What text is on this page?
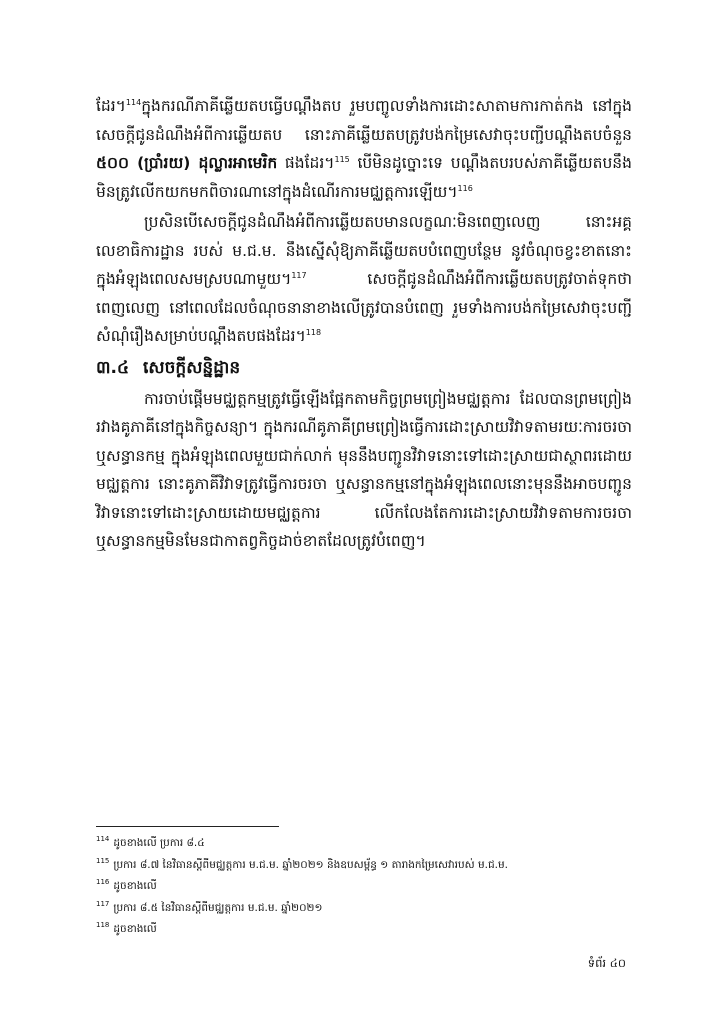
ដែរ។$^{114}$ក្នុងករណីភាគីឆ្លើយតបធ្វើបណ្តឹងតប រួមបញ្ចូលទាំងការដោះសាតាមការកាត់កង នៅក្នុងសេចក្តីជូនដំណឹងអំពីការឆ្លើយតប នោះភាគីឆ្លើយតបត្រូវបង់កម្រៃសេវាចុះបញ្ជីបណ្តឹងតបចំនួន ៥០០ (ប្រាំរយ) ដុល្លារអាមេរិក ផងដែរ។$^{115}$ បើមិនដូច្នោះទេ បណ្តឹងតបរបស់ភាគីឆ្លើយតបនឹងមិនត្រូវលើកយកមកពិចារណានៅក្នុងដំណើរការមជ្ឈត្តការឡើយ។$^{116}$

ប្រសិនបើសេចក្តីជូនដំណឹងអំពីការឆ្លើយតបមានលក្ខណៈមិនពេញលេញ នោះអគ្គលេខាធិការដ្ឋាន របស់ ម.ជ.ម. នឹងស្នើសុំឱ្យភាគីឆ្លើយតបបំពេញបន្ថែម នូវចំណុចខ្វះខាតនោះ ក្នុងអំឡុងពេលសមស្របណាមួយ។$^{117}$	សេចក្តីជូនដំណឹងអំពីការឆ្លើយតបត្រូវចាត់ទុកថាពេញលេញ នៅពេលដែលចំណុចនានាខាងលើត្រូវបានបំពេញ រួមទាំងការបង់កម្រៃសេវាចុះបញ្ជីសំណុំរឿងសម្រាប់បណ្តឹងតបផងដែរ។$^{118}$

៣.៤ សេចក្តីសន្និដ្ឋាន

ការចាប់ផ្តើមមជ្ឈត្តកម្មត្រូវធ្វើឡើងផ្អែកតាមកិច្ចព្រមព្រៀងមជ្ឈត្តការ ដែលបានព្រមព្រៀងរវាងគូភាគីនៅក្នុងកិច្ចសន្យា។ ក្នុងករណីគូភាគីព្រមព្រៀងធ្វើការដោះស្រាយវិវាទតាមរយៈការចរចា ឬសន្ធានកម្ម ក្នុងអំឡុងពេលមួយជាក់លាក់ មុននឹងបញ្ជូនវិវាទនោះទៅដោះស្រាយជាស្ថាពរដោយមជ្ឈត្តការ នោះគូភាគីវិវាទត្រូវធ្វើការចរចា ឬសន្ធានកម្មនៅក្នុងអំឡុងពេលនោះមុននឹងអាចបញ្ជូនវិវាទនោះទៅដោះស្រាយដោយមជ្ឈត្តការ លើកលែងតែការដោះស្រាយវិវាទតាមការចរចា ឬសន្ធានកម្មមិនមែនជាកាតព្វកិច្ចដាច់ខាតដែលត្រូវបំពេញ។

$^{114}$ ដូចខាងលើ ប្រការ ៨.៤
$^{115}$ ប្រការ ៨.៧ នៃវិធានស្តីពីមជ្ឈត្តការ ម.ជ.ម. ឆ្នាំ២០២១ និងឧបសម្ព័ន្ធ ១ តារាងកម្រៃសេវារបស់ ម.ជ.ម.
$^{116}$ ដូចខាងលើ
$^{117}$ ប្រការ ៨.៥ នៃវិធានស្តីពីមជ្ឈត្តការ ម.ជ.ម. ឆ្នាំ២០២១
$^{118}$ ដូចខាងលើ
ទំព័រ ៤០
